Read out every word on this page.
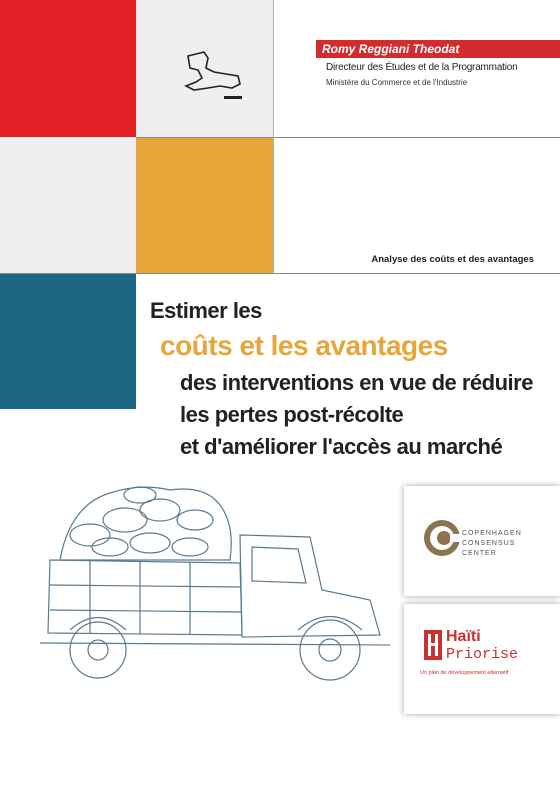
Romy Reggiani Theodat
Directeur des Études et de la Programmation
Ministère du Commerce et de l'Industrie
Analyse des coûts et des avantages
Estimer les
coûts et les avantages
des interventions en vue de réduire
les pertes post-récolte
et d'améliorer l'accès au marché
COPENHAGEN
CONSENSUS
CENTER
Haïti
Priorise
Un plan de développement alternatif
